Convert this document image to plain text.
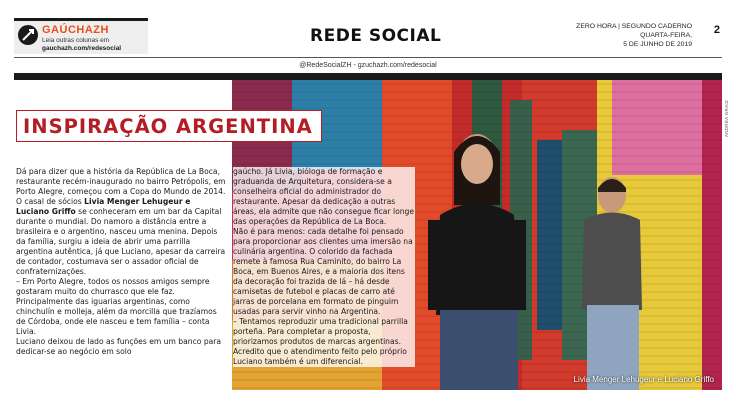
GAÚCHAZH
Leia outras colunas em
gauchazh.com/redesocial
REDE SOCIAL	ZERO HORA | SEGUNDO CADERNO
QUARTA-FEIRA,
5 DE JUNHO DE 2019
2
@RedeSocialZH - gzuchazh.com/redesocial
Livia Menger Lehugeur e Luciano Griffo
ANDRÉA GRAIZ
INSPIRAÇÃO ARGENTINA

Dá para dizer que a história da República de La Boca, restaurante recém-inaugurado no bairro Petrópolis, em Porto Alegre, começou com a Copa do Mundo de 2014. O casal de sócios Livia Menger Lehugeur e Luciano Griffo se conheceram em um bar da Capital durante o mundial. Do namoro a distância entre a brasileira e o argentino, nasceu uma menina. Depois da família, surgiu a ideia de abrir uma parrilla argentina autêntica, já que Luciano, apesar da carreira de contador, costumava ser o assador oficial de confraternizações.

– Em Porto Alegre, todos os nossos amigos sempre gostaram muito do churrasco que ele faz. Principalmente das iguarias argentinas, como chinchulín e molleja, além da morcilla que trazíamos de Córdoba, onde ele nasceu e tem família – conta Livia.

Luciano deixou de lado as funções em um banco para dedicar-se ao negócio em solo

gaúcho. Já Livia, bióloga de formação e graduanda de Arquitetura, considera-se a conselheira oficial do administrador do restaurante. Apesar da dedicação a outras áreas, ela admite que não consegue ficar longe das operações da República de La Boca.

Não é para menos: cada detalhe foi pensado para proporcionar aos clientes uma imersão na culinária argentina. O colorido da fachada remete à famosa Rua Caminito, do bairro La Boca, em Buenos Aires, e a maioria dos itens da decoração foi trazida de lá – há desde camisetas de futebol e placas de carro até jarras de porcelana em formato de pinguim usadas para servir vinho na Argentina.

– Tentamos reproduzir uma tradicional parrilla porteña. Para completar a proposta, priorizamos produtos de marcas argentinas. Acredito que o atendimento feito pelo próprio Luciano também é um diferencial.
